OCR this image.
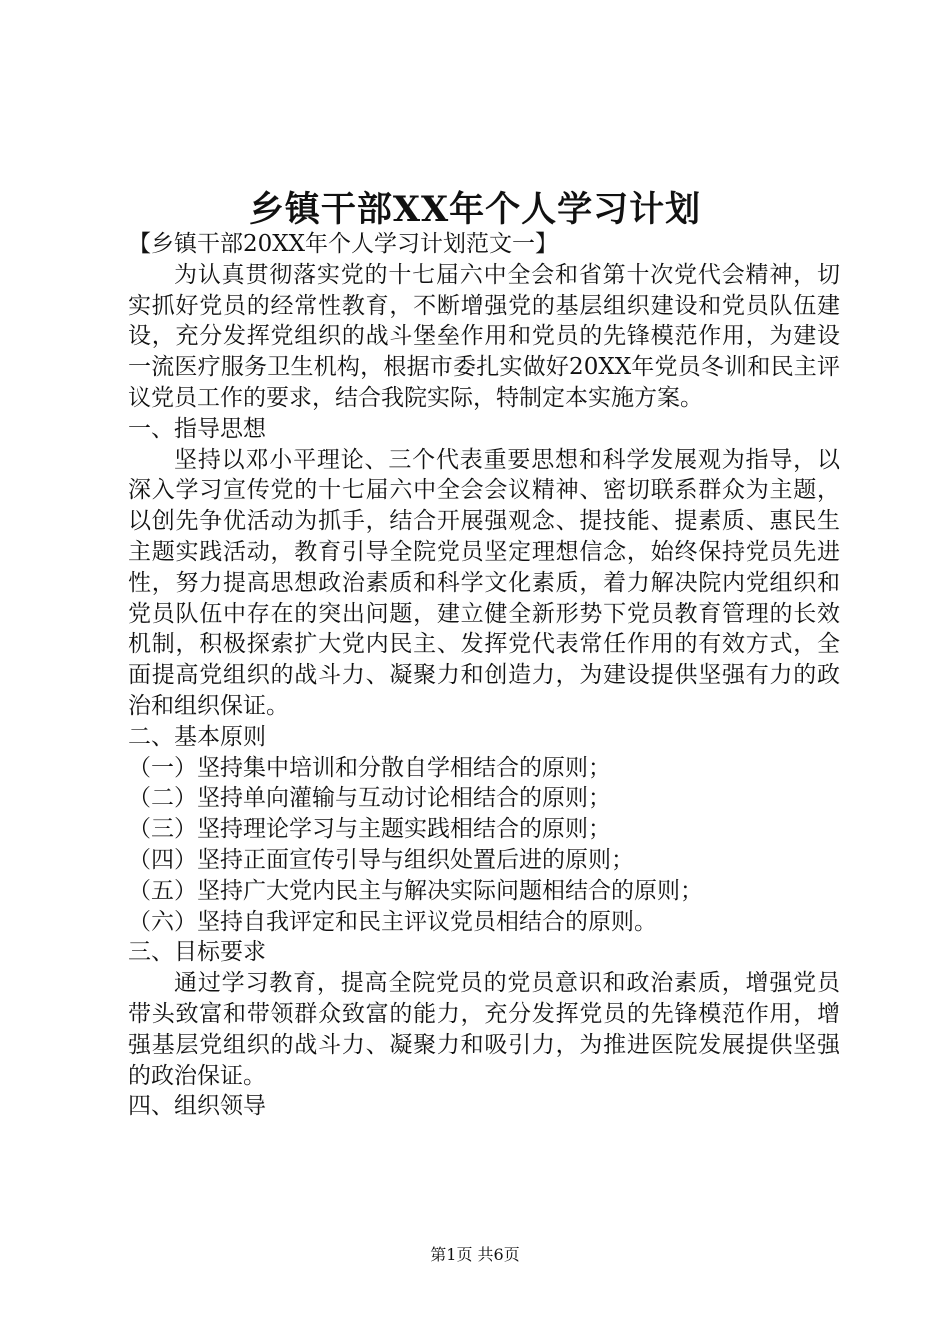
乡镇干部XX年个人学习计划

【乡镇干部20XX年个人学习计划范文一】

为认真贯彻落实党的十七届六中全会和省第十次党代会精神，切实抓好党员的经常性教育，不断增强党的基层组织建设和党员队伍建设，充分发挥党组织的战斗堡垒作用和党员的先锋模范作用，为建设一流医疗服务卫生机构，根据市委扎实做好20XX年党员冬训和民主评议党员工作的要求，结合我院实际，特制定本实施方案。

一、指导思想

坚持以邓小平理论、三个代表重要思想和科学发展观为指导，以深入学习宣传党的十七届六中全会会议精神、密切联系群众为主题，以创先争优活动为抓手，结合开展强观念、提技能、提素质、惠民生主题实践活动，教育引导全院党员坚定理想信念，始终保持党员先进性，努力提高思想政治素质和科学文化素质，着力解决院内党组织和党员队伍中存在的突出问题，建立健全新形势下党员教育管理的长效机制，积极探索扩大党内民主、发挥党代表常任作用的有效方式，全面提高党组织的战斗力、凝聚力和创造力，为建设提供坚强有力的政治和组织保证。

二、基本原则

（一）坚持集中培训和分散自学相结合的原则；

（二）坚持单向灌输与互动讨论相结合的原则；

（三）坚持理论学习与主题实践相结合的原则；

（四）坚持正面宣传引导与组织处置后进的原则；

（五）坚持广大党内民主与解决实际问题相结合的原则；

（六）坚持自我评定和民主评议党员相结合的原则。

三、目标要求

通过学习教育，提高全院党员的党员意识和政治素质，增强党员带头致富和带领群众致富的能力，充分发挥党员的先锋模范作用，增强基层党组织的战斗力、凝聚力和吸引力，为推进医院发展提供坚强的政治保证。

四、组织领导

第1页 共6页
